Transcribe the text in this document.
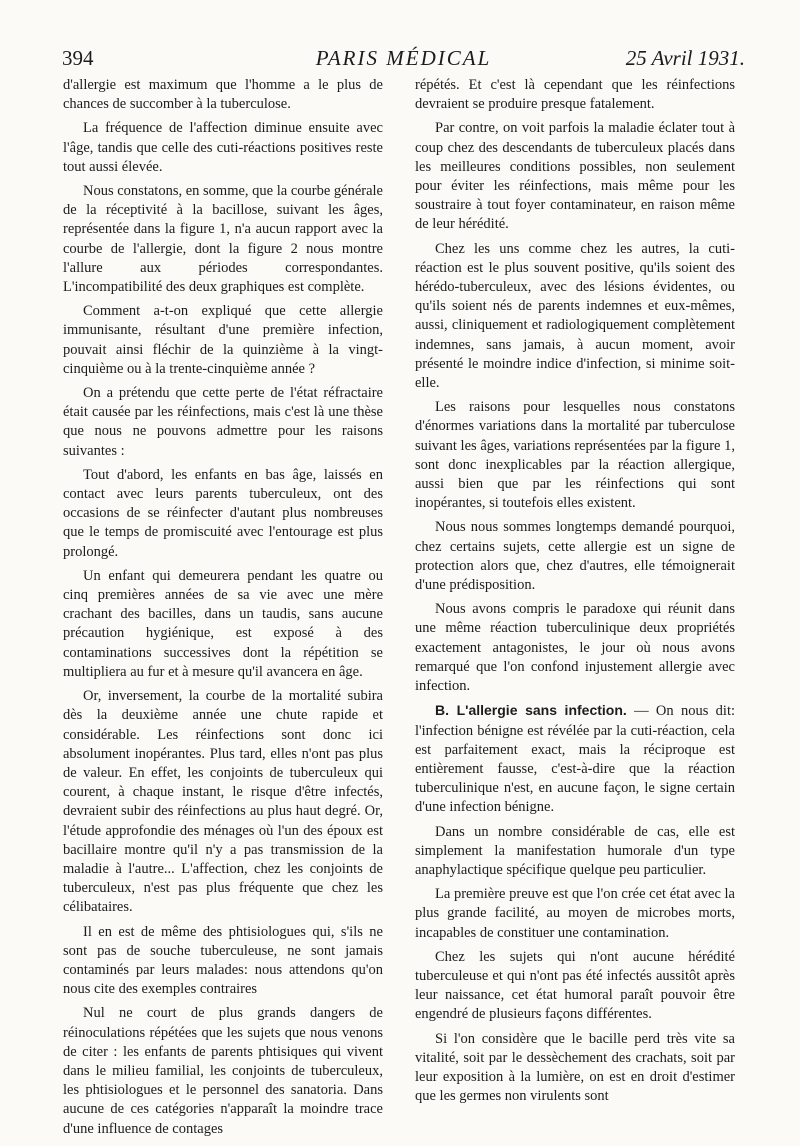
394	PARIS MÉDICAL	25 Avril 1931.

d'allergie est maximum que l'homme a le plus de chances de succomber à la tuberculose.

La fréquence de l'affection diminue ensuite avec l'âge, tandis que celle des cuti-réactions positives reste tout aussi élevée.

Nous constatons, en somme, que la courbe générale de la réceptivité à la bacillose, suivant les âges, représentée dans la figure 1, n'a aucun rapport avec la courbe de l'allergie, dont la figure 2 nous montre l'allure aux périodes correspondantes. L'incompatibilité des deux graphiques est complète.

Comment a-t-on expliqué que cette allergie immunisante, résultant d'une première infection, pouvait ainsi fléchir de la quinzième à la vingt-cinquième ou à la trente-cinquième année ?

On a prétendu que cette perte de l'état réfractaire était causée par les réinfections, mais c'est là une thèse que nous ne pouvons admettre pour les raisons suivantes :

Tout d'abord, les enfants en bas âge, laissés en contact avec leurs parents tuberculeux, ont des occasions de se réinfecter d'autant plus nombreuses que le temps de promiscuité avec l'entourage est plus prolongé.

Un enfant qui demeurera pendant les quatre ou cinq premières années de sa vie avec une mère crachant des bacilles, dans un taudis, sans aucune précaution hygiénique, est exposé à des contaminations successives dont la répétition se multipliera au fur et à mesure qu'il avancera en âge.

Or, inversement, la courbe de la mortalité subira dès la deuxième année une chute rapide et considérable. Les réinfections sont donc ici absolument inopérantes. Plus tard, elles n'ont pas plus de valeur. En effet, les conjoints de tuberculeux qui courent, à chaque instant, le risque d'être infectés, devraient subir des réinfections au plus haut degré. Or, l'étude approfondie des ménages où l'un des époux est bacillaire montre qu'il n'y a pas transmission de la maladie à l'autre... L'affection, chez les conjoints de tuberculeux, n'est pas plus fréquente que chez les célibataires.

Il en est de même des phtisiologues qui, s'ils ne sont pas de souche tuberculeuse, ne sont jamais contaminés par leurs malades: nous attendons qu'on nous cite des exemples contraires

Nul ne court de plus grands dangers de réinoculations répétées que les sujets que nous venons de citer : les enfants de parents phtisiques qui vivent dans le milieu familial, les conjoints de tuberculeux, les phtisiologues et le personnel des sanatoria. Dans aucune de ces catégories n'apparaît la moindre trace d'une influence de contages

répétés. Et c'est là cependant que les réinfections devraient se produire presque fatalement.

Par contre, on voit parfois la maladie éclater tout à coup chez des descendants de tuberculeux placés dans les meilleures conditions possibles, non seulement pour éviter les réinfections, mais même pour les soustraire à tout foyer contaminateur, en raison même de leur hérédité.

Chez les uns comme chez les autres, la cuti-réaction est le plus souvent positive, qu'ils soient des hérédo-tuberculeux, avec des lésions évidentes, ou qu'ils soient nés de parents indemnes et eux-mêmes, aussi, cliniquement et radiologiquement complètement indemnes, sans jamais, à aucun moment, avoir présenté le moindre indice d'infection, si minime soit-elle.

Les raisons pour lesquelles nous constatons d'énormes variations dans la mortalité par tuberculose suivant les âges, variations représentées par la figure 1, sont donc inexplicables par la réaction allergique, aussi bien que par les réinfections qui sont inopérantes, si toutefois elles existent.

Nous nous sommes longtemps demandé pourquoi, chez certains sujets, cette allergie est un signe de protection alors que, chez d'autres, elle témoignerait d'une prédisposition.

Nous avons compris le paradoxe qui réunit dans une même réaction tuberculinique deux propriétés exactement antagonistes, le jour où nous avons remarqué que l'on confond injustement allergie avec infection.

B. L'allergie sans infection. — On nous dit: l'infection bénigne est révélée par la cuti-réaction, cela est parfaitement exact, mais la réciproque est entièrement fausse, c'est-à-dire que la réaction tuberculinique n'est, en aucune façon, le signe certain d'une infection bénigne.

Dans un nombre considérable de cas, elle est simplement la manifestation humorale d'un type anaphylactique spécifique quelque peu particulier.

La première preuve est que l'on crée cet état avec la plus grande facilité, au moyen de microbes morts, incapables de constituer une contamination.

Chez les sujets qui n'ont aucune hérédité tuberculeuse et qui n'ont pas été infectés aussitôt après leur naissance, cet état humoral paraît pouvoir être engendré de plusieurs façons différentes.

Si l'on considère que le bacille perd très vite sa vitalité, soit par le dessèchement des crachats, soit par leur exposition à la lumière, on est en droit d'estimer que les germes non virulents sont
